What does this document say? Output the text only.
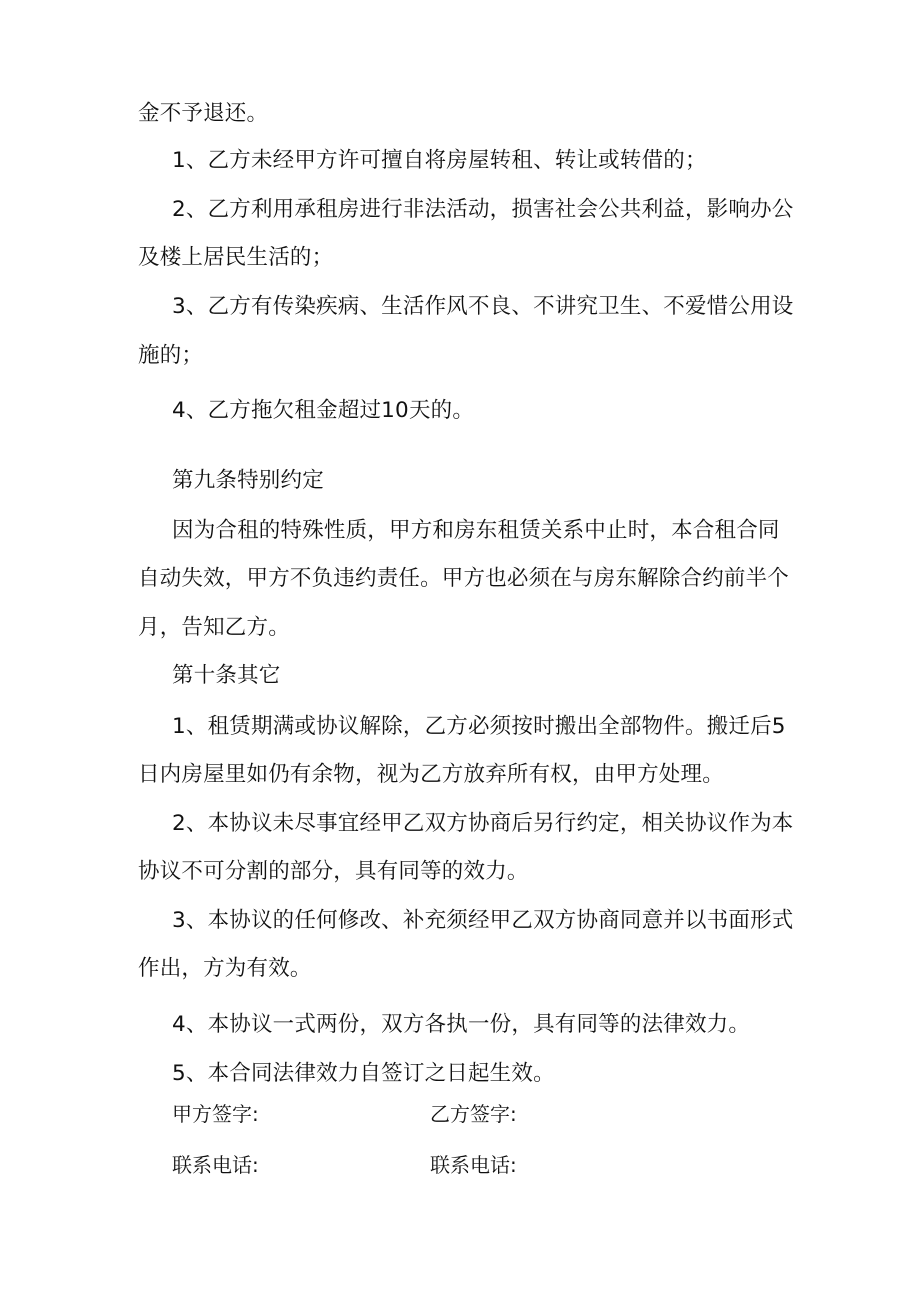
金不予退还。
1、乙方未经甲方许可擅自将房屋转租、转让或转借的；
2、乙方利用承租房进行非法活动，损害社会公共利益，影响办公
及楼上居民生活的；
3、乙方有传染疾病、生活作风不良、不讲究卫生、不爱惜公用设
施的；
4、乙方拖欠租金超过10天的。
第九条特别约定
因为合租的特殊性质，甲方和房东租赁关系中止时，本合租合同
自动失效，甲方不负违约责任。甲方也必须在与房东解除合约前半个
月，告知乙方。
第十条其它
1、租赁期满或协议解除，乙方必须按时搬出全部物件。搬迁后5
日内房屋里如仍有余物，视为乙方放弃所有权，由甲方处理。
2、本协议未尽事宜经甲乙双方协商后另行约定，相关协议作为本
协议不可分割的部分，具有同等的效力。
3、本协议的任何修改、补充须经甲乙双方协商同意并以书面形式
作出，方为有效。
4、本协议一式两份，双方各执一份，具有同等的法律效力。
5、本合同法律效力自签订之日起生效。
甲方签字:	乙方签字:
联系电话:	联系电话:
